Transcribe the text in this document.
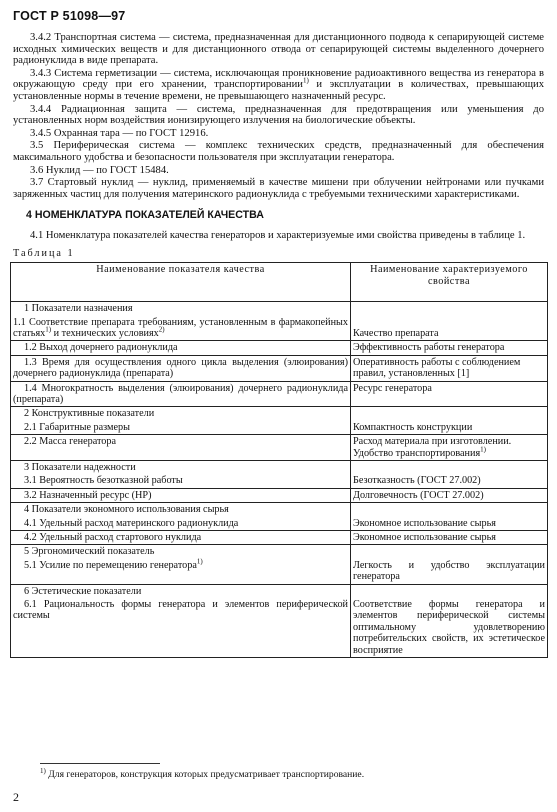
ГОСТ Р 51098—97

3.4.2 Транспортная система — система, предназначенная для дистанционного подвода к сепарирующей системе исходных химических веществ и для дистанционного отвода от сепарирующей системы выделенного дочернего радионуклида в виде препарата.

3.4.3 Система герметизации — система, исключающая проникновение радиоактивного вещества из генератора в окружающую среду при его хранении, транспортировании$^{1)}$ и эксплуатации в количествах, превышающих установленные нормы в течение времени, не превышающего назначенный ресурс.

3.4.4 Радиационная защита — система, предназначенная для предотвращения или уменьшения до установленных норм воздействия ионизирующего излучения на биологические объекты.

3.4.5 Охранная тара — по ГОСТ 12916.

3.5 Периферическая система — комплекс технических средств, предназначенный для обеспечения максимального удобства и безопасности пользователя при эксплуатации генератора.

3.6 Нуклид — по ГОСТ 15484.

3.7 Стартовый нуклид — нуклид, применяемый в качестве мишени при облучении нейтронами или пучками заряженных частиц для получения материнского радионуклида с требуемыми техническими характеристиками.

4 НОМЕНКЛАТУРА ПОКАЗАТЕЛЕЙ КАЧЕСТВА

4.1 Номенклатура показателей качества генераторов и характеризуемые ими свойства приведены в таблице 1.

Таблица 1
Наименование показателя качества	Наименование характеризуемого свойства
1 Показатели назначения	
1.1 Соответствие препарата требованиям, установленным в фармакопейных статьях$^{1)}$ и технических условиях$^{2)}$	Качество препарата
1.2 Выход дочернего радионуклида	Эффективность работы генератора
1.3 Время для осуществления одного цикла выделения (элюирования) дочернего радионуклида (препарата)	Оперативность работы с соблюдением правил, установленных [1]
1.4 Многократность выделения (элюирования) дочернего радионуклида (препарата)	Ресурс генератора
2 Конструктивные показатели	
2.1 Габаритные размеры	Компактность конструкции
2.2 Масса генератора	Расход материала при изготовлении. Удобство транспортирования$^{1)}$
3 Показатели надежности	
3.1 Вероятность безотказной работы	Безотказность (ГОСТ 27.002)
3.2 Назначенный ресурс (НР)	Долговечность (ГОСТ 27.002)
4 Показатели экономного использования сырья	
4.1 Удельный расход материнского радионуклида	Экономное использование сырья
4.2 Удельный расход стартового нуклида	Экономное использование сырья
5 Эргономический показатель	
5.1 Усилие по перемещению генератора$^{1)}$	Легкость и удобство эксплуатации генератора
6 Эстетические показатели	
6.1 Рациональность формы генератора и элементов периферической системы	Соответствие формы генератора и элементов периферической системы оптимальному удовлетворению потребительских свойств, их эстетическое восприятие
$^{1)}$ Для генераторов, конструкция которых предусматривает транспортирование.
2
